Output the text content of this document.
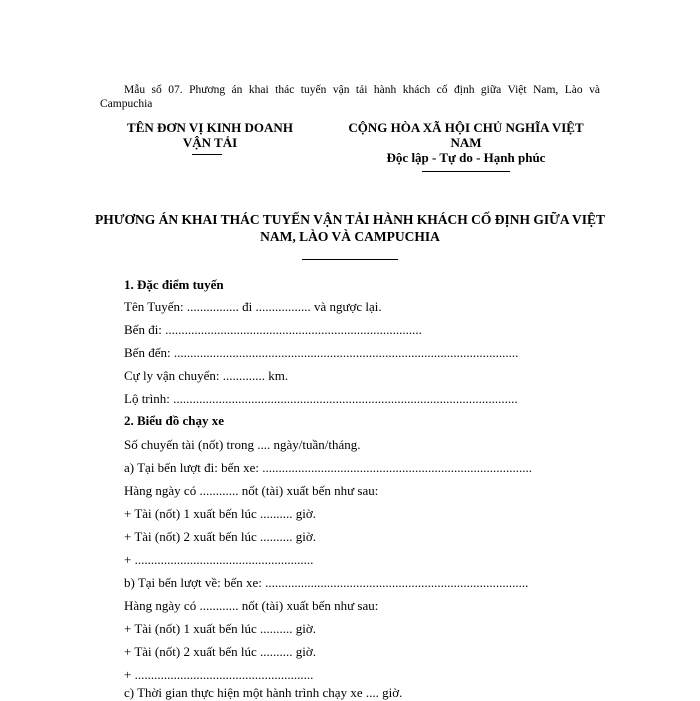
Mẫu số 07. Phương án khai thác tuyến vận tải hành khách cố định giữa Việt Nam, Lào và
Campuchia
TÊN ĐƠN VỊ KINH DOANH
VẬN TẢI
CỘNG HÒA XÃ HỘI CHỦ NGHĨA VIỆT
NAM
Độc lập - Tự do - Hạnh phúc
PHƯƠNG ÁN KHAI THÁC TUYẾN VẬN TẢI HÀNH KHÁCH CỐ ĐỊNH GIỮA VIỆT
NAM, LÀO VÀ CAMPUCHIA
1. Đặc điểm tuyến
Tên Tuyến: ................ đi ................. và ngược lại.
Bến đi: ...............................................................................
Bến đến: ..........................................................................................................
Cự ly vận chuyển: ............. km.
Lộ trình: ..........................................................................................................
2. Biểu đồ chạy xe
Số chuyến tài (nốt) trong .... ngày/tuần/tháng.
a) Tại bến lượt đi: bến xe: ...................................................................................
Hàng ngày có ............ nốt (tài) xuất bến như sau:
+ Tài (nốt) 1 xuất bến lúc .......... giờ.
+ Tài (nốt) 2 xuất bến lúc .......... giờ.
+ .......................................................
b) Tại bến lượt về: bến xe: .................................................................................
Hàng ngày có ............ nốt (tài) xuất bến như sau:
+ Tài (nốt) 1 xuất bến lúc .......... giờ.
+ Tài (nốt) 2 xuất bến lúc .......... giờ.
+ .......................................................
c) Thời gian thực hiện một hành trình chạy xe .... giờ.
